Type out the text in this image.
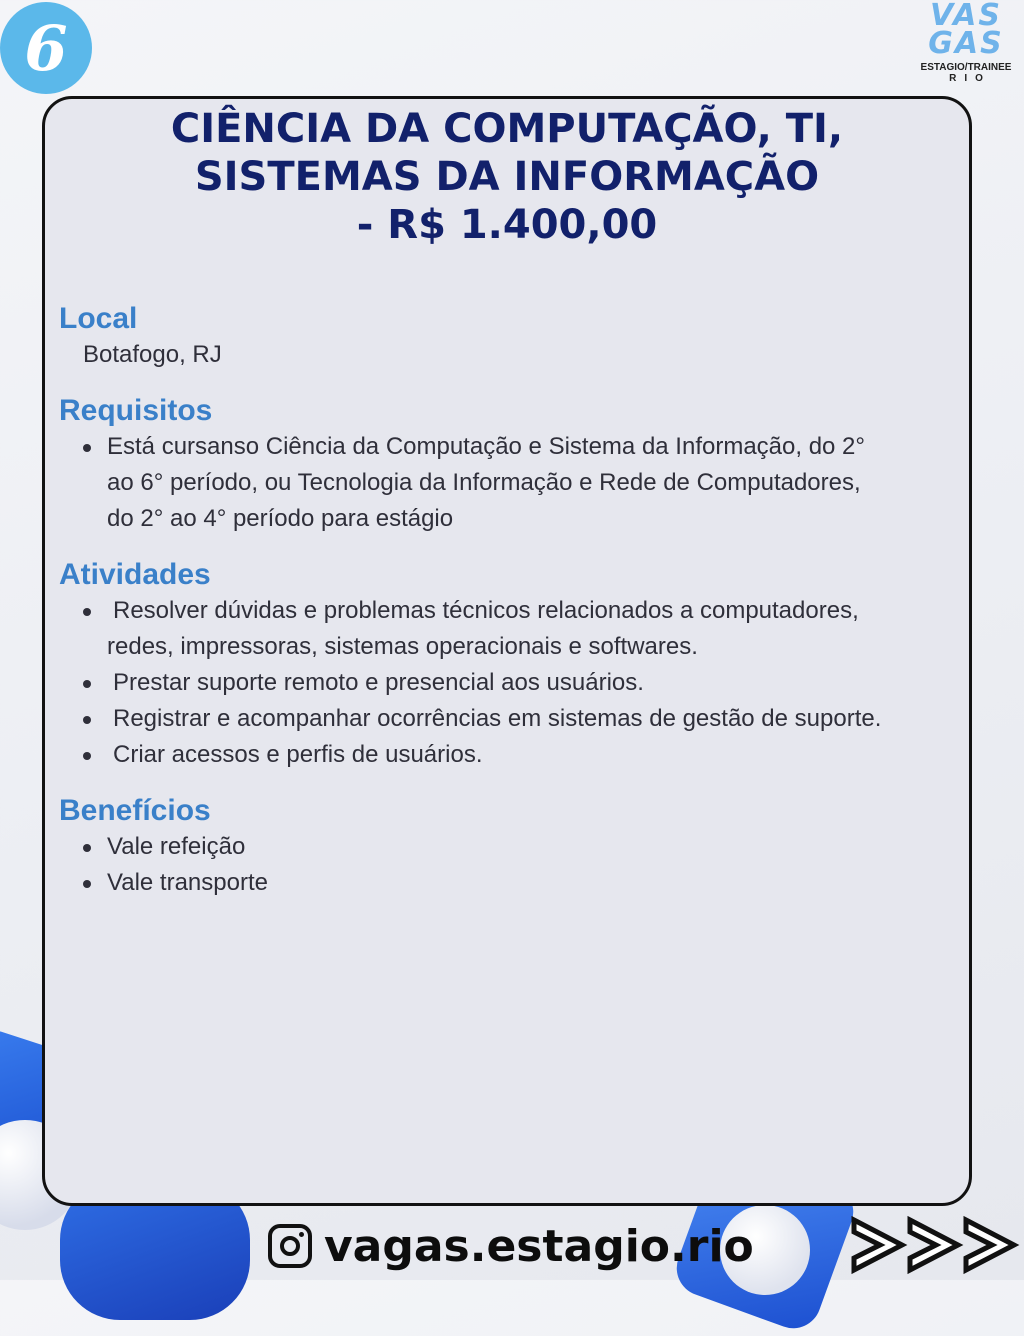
6	VAS
GAS
ESTAGIO/TRAINEE
RIO
CIÊNCIA DA COMPUTAÇÃO, TI,
SISTEMAS DA INFORMAÇÃO
- R$ 1.400,00
Local
Botafogo, RJ
Requisitos
Está cursanso Ciência da Computação e Sistema da Informação, do 2°
ao 6° período, ou Tecnologia da Informação e Rede de Computadores,
do 2° ao 4° período para estágio
Atividades
Resolver dúvidas e problemas técnicos relacionados a computadores,
redes, impressoras, sistemas operacionais e softwares.
Prestar suporte remoto e presencial aos usuários.
Registrar e acompanhar ocorrências em sistemas de gestão de suporte.
Criar acessos e perfis de usuários.
Benefícios
Vale refeição
Vale transporte
vagas.estagio.rio
